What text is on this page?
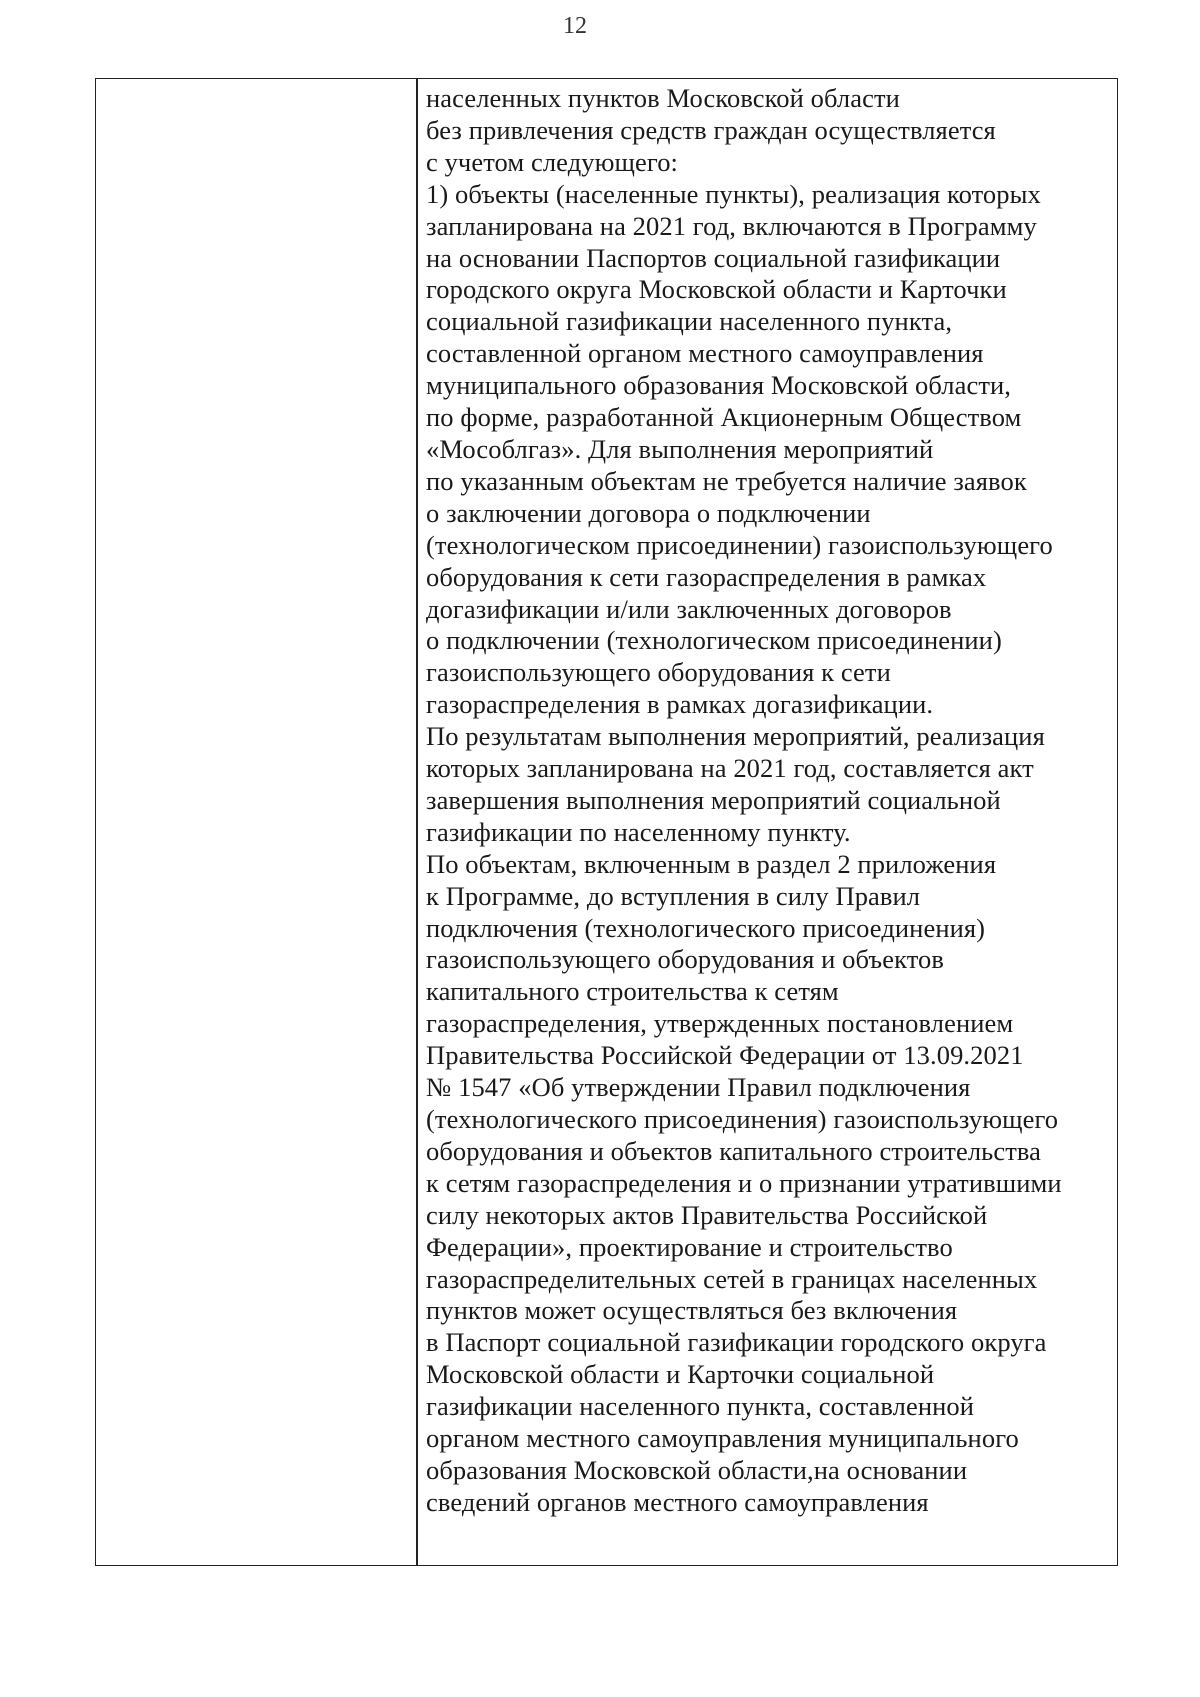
12
населенных пунктов Московской области
без привлечения средств граждан осуществляется
с учетом следующего:
1) объекты (населенные пункты), реализация которых
запланирована на 2021 год, включаются в Программу
на основании Паспортов социальной газификации
городского округа Московской области и Карточки
социальной газификации населенного пункта,
составленной органом местного самоуправления
муниципального образования Московской области,
по форме, разработанной Акционерным Обществом
«Мособлгаз». Для выполнения мероприятий
по указанным объектам не требуется наличие заявок
о заключении договора о подключении
(технологическом присоединении) газоиспользующего
оборудования к сети газораспределения в рамках
догазификации и/или заключенных договоров
о подключении (технологическом присоединении)
газоиспользующего оборудования к сети
газораспределения в рамках догазификации.
По результатам выполнения мероприятий, реализация
которых запланирована на 2021 год, составляется акт
завершения выполнения мероприятий социальной
газификации по населенному пункту.
По объектам, включенным в раздел 2 приложения
к Программе, до вступления в силу Правил
подключения (технологического присоединения)
газоиспользующего оборудования и объектов
капитального строительства к сетям
газораспределения, утвержденных постановлением
Правительства Российской Федерации от 13.09.2021
№ 1547 «Об утверждении Правил подключения
(технологического присоединения) газоиспользующего
оборудования и объектов капитального строительства
к сетям газораспределения и о признании утратившими
силу некоторых актов Правительства Российской
Федерации», проектирование и строительство
газораспределительных сетей в границах населенных
пунктов может осуществляться без включения
в Паспорт социальной газификации городского округа
Московской области и Карточки социальной
газификации населенного пункта, составленной
органом местного самоуправления муниципального
образования Московской области,на основании
сведений органов местного самоуправления
